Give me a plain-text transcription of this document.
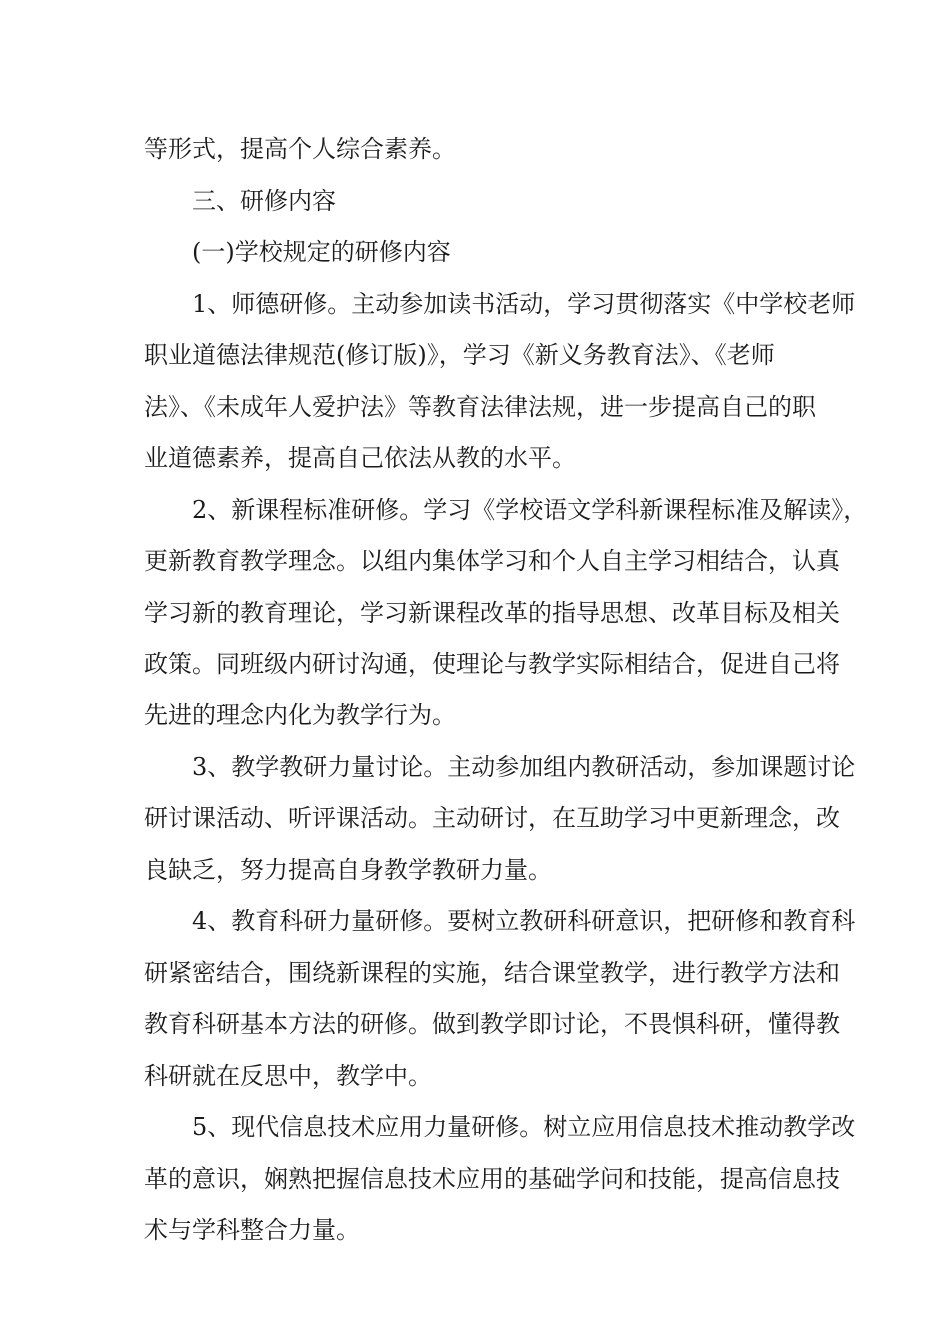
等形式，提高个人综合素养。
三、研修内容
(一)学校规定的研修内容
1、师德研修。主动参加读书活动，学习贯彻落实《中学校老师
职业道德法律规范(修订版)》，学习《新义务教育法》、《老师
法》、《未成年人爱护法》等教育法律法规，进一步提高自己的职
业道德素养，提高自己依法从教的水平。
2、新课程标准研修。学习《学校语文学科新课程标准及解读》，
更新教育教学理念。以组内集体学习和个人自主学习相结合，认真
学习新的教育理论，学习新课程改革的指导思想、改革目标及相关
政策。同班级内研讨沟通，使理论与教学实际相结合，促进自己将
先进的理念内化为教学行为。
3、教学教研力量讨论。主动参加组内教研活动，参加课题讨论
研讨课活动、听评课活动。主动研讨，在互助学习中更新理念，改
良缺乏，努力提高自身教学教研力量。
4、教育科研力量研修。要树立教研科研意识，把研修和教育科
研紧密结合，围绕新课程的实施，结合课堂教学，进行教学方法和
教育科研基本方法的研修。做到教学即讨论，不畏惧科研，懂得教
科研就在反思中，教学中。
5、现代信息技术应用力量研修。树立应用信息技术推动教学改
革的意识，娴熟把握信息技术应用的基础学问和技能，提高信息技
术与学科整合力量。
